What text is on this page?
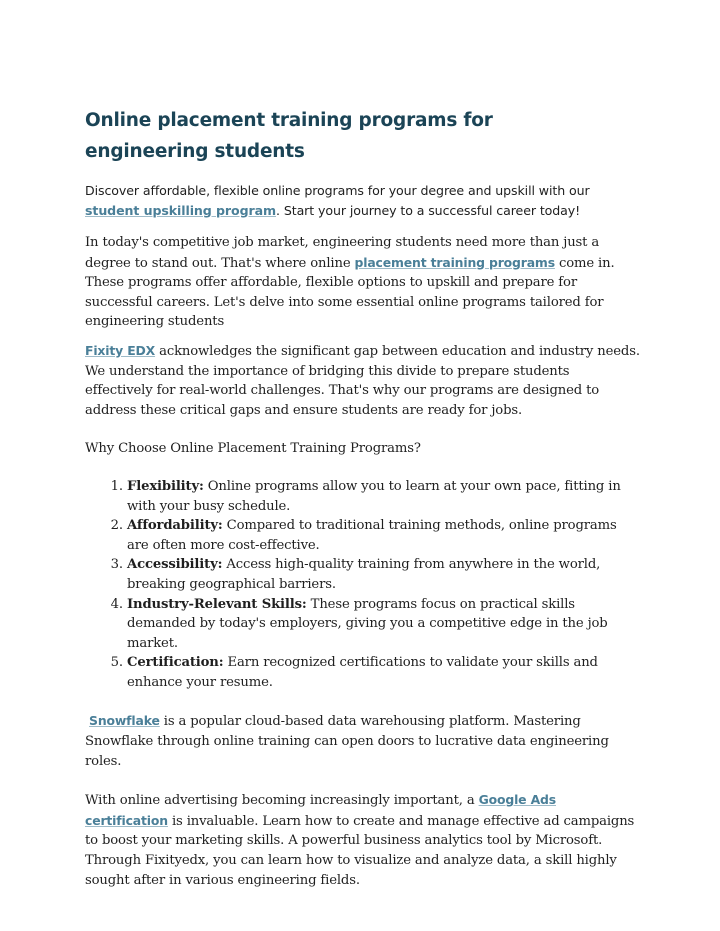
Online placement training programs for engineering students

Discover affordable, flexible online programs for your degree and upskill with our student upskilling program. Start your journey to a successful career today!

In today's competitive job market, engineering students need more than just a degree to stand out. That's where online placement training programs come in. These programs offer affordable, flexible options to upskill and prepare for successful careers. Let's delve into some essential online programs tailored for engineering students

Fixity EDX acknowledges the significant gap between education and industry needs. We understand the importance of bridging this divide to prepare students effectively for real-world challenges. That's why our programs are designed to address these critical gaps and ensure students are ready for jobs.

Why Choose Online Placement Training Programs?

1. Flexibility: Online programs allow you to learn at your own pace, fitting in with your busy schedule.
2. Affordability: Compared to traditional training methods, online programs are often more cost-effective.
3. Accessibility: Access high-quality training from anywhere in the world, breaking geographical barriers.
4. Industry-Relevant Skills: These programs focus on practical skills demanded by today's employers, giving you a competitive edge in the job market.
5. Certification: Earn recognized certifications to validate your skills and enhance your resume.

Snowflake is a popular cloud-based data warehousing platform. Mastering Snowflake through online training can open doors to lucrative data engineering roles.

With online advertising becoming increasingly important, a Google Ads certification is invaluable. Learn how to create and manage effective ad campaigns to boost your marketing skills. A powerful business analytics tool by Microsoft. Through Fixityedx, you can learn how to visualize and analyze data, a skill highly sought after in various engineering fields.
